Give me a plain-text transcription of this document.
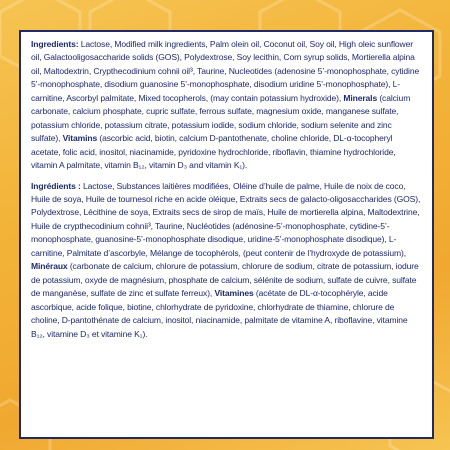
Ingredients: Lactose, Modified milk ingredients, Palm olein oil, Coconut oil, Soy oil, High oleic sunflower oil, Galactooligosaccharide solids (GOS), Polydextrose, Soy lecithin, Corn syrup solids, Mortierella alpina oil, Maltodextrin, Crypthecodinium cohnii oil³, Taurine, Nucleotides (adenosine 5’-monophosphate, cytidine 5’-monophosphate, disodium guanosine 5’-monophosphate, disodium uridine 5’-monophosphate), L-carnitine, Ascorbyl palmitate, Mixed tocopherols, (may contain potassium hydroxide), Minerals (calcium carbonate, calcium phosphate, cupric sulfate, ferrous sulfate, magnesium oxide, manganese sulfate, potassium chloride, potassium citrate, potassium iodide, sodium chloride, sodium selenite and zinc sulfate), Vitamins (ascorbic acid, biotin, calcium D-pantothenate, choline chloride, DL-α-tocopheryl acetate, folic acid, inositol, niacinamide, pyridoxine hydrochloride, riboflavin, thiamine hydrochloride, vitamin A palmitate, vitamin B₁₂, vitamin D₃ and vitamin K₁).

Ingrédients : Lactose, Substances laitières modifiées, Oléine d’huile de palme, Huile de noix de coco, Huile de soya, Huile de tournesol riche en acide oléique, Extraits secs de galacto-oligosaccharides (GOS), Polydextrose, Lécithine de soya, Extraits secs de sirop de maïs, Huile de mortierella alpina, Maltodextrine, Huile de crypthecodinium cohnii³, Taurine, Nucléotides (adénosine-5’-monophosphate, cytidine-5’-monophosphate, guanosine-5’-monophosphate disodique, uridine-5’-monophosphate disodique), L-carnitine, Palmitate d’ascorbyle, Mélange de tocophérols, (peut contenir de l’hydroxyde de potassium), Minéraux (carbonate de calcium, chlorure de potassium, chlorure de sodium, citrate de potassium, iodure de potassium, oxyde de magnésium, phosphate de calcium, sélénite de sodium, sulfate de cuivre, sulfate de manganèse, sulfate de zinc et sulfate ferreux), Vitamines (acétate de DL-α-tocophéryle, acide ascorbique, acide folique, biotine, chlorhydrate de pyridoxine, chlorhydrate de thiamine, chlorure de choline, D-pantothénate de calcium, inositol, niacinamide, palmitate de vitamine A, riboflavine, vitamine B₁₂, vitamine D₃ et vitamine K₁).
